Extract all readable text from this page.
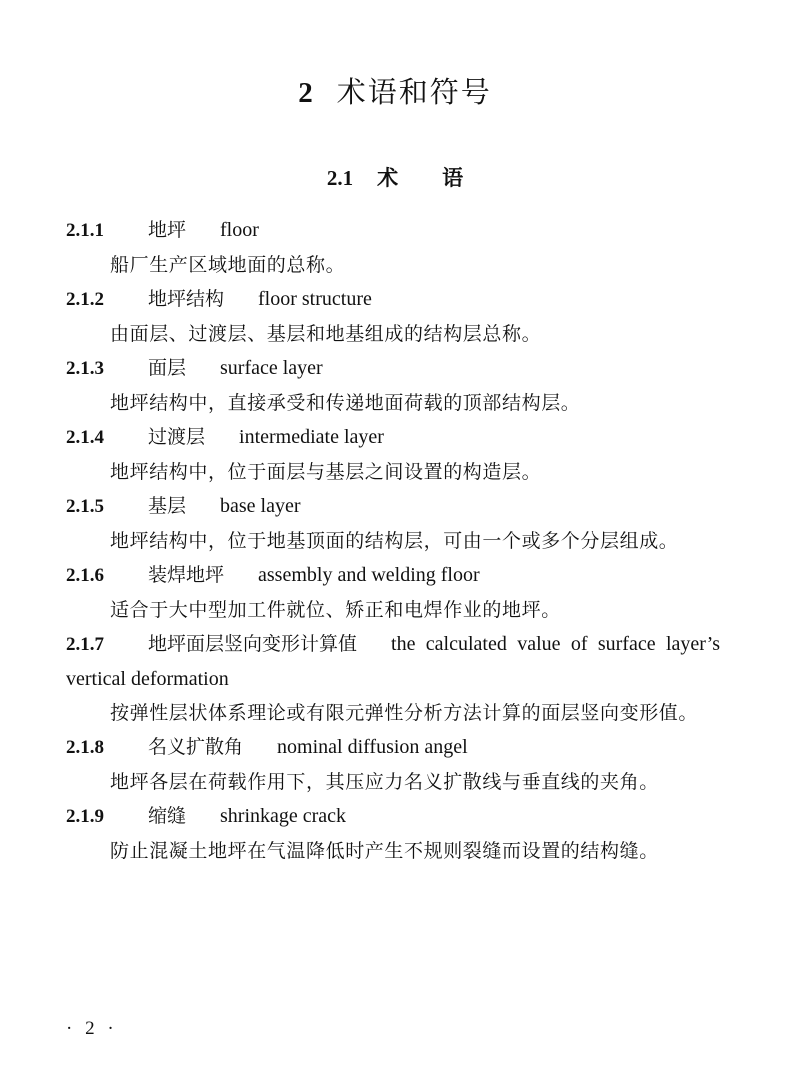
2 术语和符号
2.1 术 语
2.1.1 地坪 floor
船厂生产区域地面的总称。
2.1.2 地坪结构 floor structure
由面层、过渡层、基层和地基组成的结构层总称。
2.1.3 面层 surface layer
地坪结构中，直接承受和传递地面荷载的顶部结构层。
2.1.4 过渡层 intermediate layer
地坪结构中，位于面层与基层之间设置的构造层。
2.1.5 基层 base layer
地坪结构中，位于地基顶面的结构层，可由一个或多个分层组成。
2.1.6 装焊地坪 assembly and welding floor
适合于大中型加工件就位、矫正和电焊作业的地坪。
2.1.7 地坪面层竖向变形计算值 the calculated value of surface layer’s vertical deformation
按弹性层状体系理论或有限元弹性分析方法计算的面层竖向变形值。
2.1.8 名义扩散角 nominal diffusion angel
地坪各层在荷载作用下，其压应力名义扩散线与垂直线的夹角。
2.1.9 缩缝 shrinkage crack
防止混凝土地坪在气温降低时产生不规则裂缝而设置的结构缝。
· 2 ·
